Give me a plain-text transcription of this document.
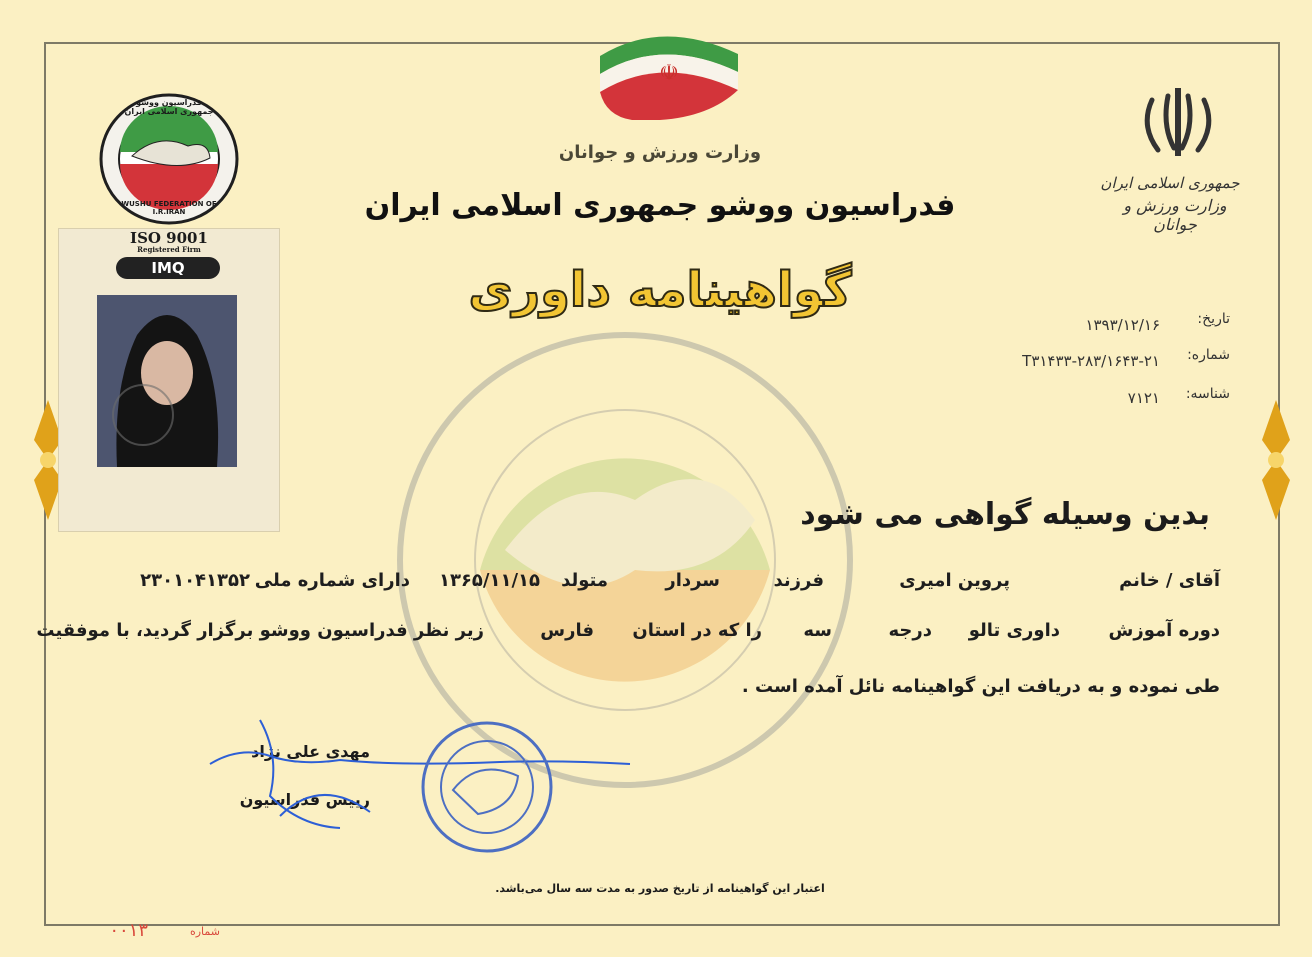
☫
فدراسیون ووشو جمهوری اسلامی ایران
WUSHU FEDERATION OF I.R.IRAN
وزارت ورزش و جوانان
فدراسیون ووشو جمهوری اسلامی ایران
گواهینامه داوری
جمهوری اسلامی ایران
وزارت ورزش و جوانان
ISO 9001
Registered Firm
IMQ
تاریخ:
۱۳۹۳/۱۲/۱۶
شماره:
T۳۱۴۳۳-۲۸۳/۱۶۴۳-۲۱
شناسه:
۷۱۲۱
بدین وسیله گواهی می شود
آقای / خانم
پروین امیری
فرزند
سردار
متولد
۱۳۶۵/۱۱/۱۵
دارای شماره ملی
۲۳۰۱۰۴۱۳۵۲
دوره آموزش
داوری تالو
درجه
سه
را که در استان
فارس
زیر نظر فدراسیون ووشو برگزار گردید، با موفقیت
طی نموده و به دریافت این گواهینامه نائل آمده است .
مهدی علی نژاد
رییس فدراسیون
اعتبار این گواهینامه از تاریخ صدور به مدت سه سال می‌باشد.
شماره
۰۰۱۳
